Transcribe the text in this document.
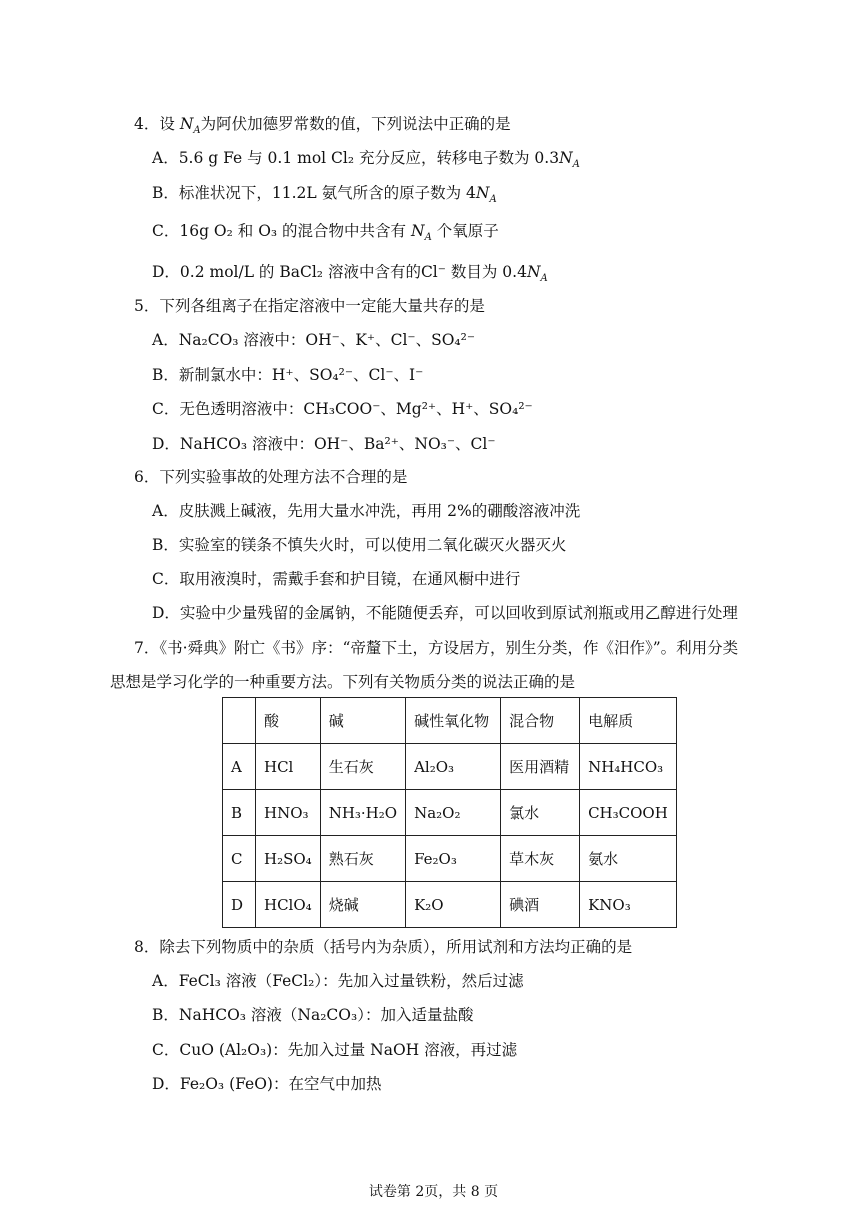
4．设 $N_A$为阿伏加德罗常数的值，下列说法中正确的是
A．5.6 g Fe 与 0.1 mol Cl₂ 充分反应，转移电子数为 $0.3N_A$
B．标准状况下，11.2L 氨气所含的原子数为 $4N_A$
C．16g O₂ 和 O₃ 的混合物中共含有 $N_A$ 个氧原子
D．0.2 mol/L 的 BaCl₂ 溶液中含有的Cl⁻ 数目为 $0.4N_A$
5．下列各组离子在指定溶液中一定能大量共存的是
A．Na₂CO₃ 溶液中：OH⁻、K⁺、Cl⁻、SO₄²⁻
B．新制氯水中：H⁺、SO₄²⁻、Cl⁻、I⁻
C．无色透明溶液中：CH₃COO⁻、Mg²⁺、H⁺、SO₄²⁻
D．NaHCO₃ 溶液中：OH⁻、Ba²⁺、NO₃⁻、Cl⁻
6．下列实验事故的处理方法不合理的是
A．皮肤溅上碱液，先用大量水冲洗，再用 2%的硼酸溶液冲洗
B．实验室的镁条不慎失火时，可以使用二氧化碳灭火器灭火
C．取用液溴时，需戴手套和护目镜，在通风橱中进行
D．实验中少量残留的金属钠，不能随便丢弃，可以回收到原试剂瓶或用乙醇进行处理
7．《书·舜典》附亡《书》序：“帝釐下土，方设居方，别生分类，作《汨作》”。利用分类
思想是学习化学的一种重要方法。下列有关物质分类的说法正确的是
	酸	碱	碱性氧化物	混合物	电解质
A	HCl	生石灰	Al₂O₃	医用酒精	NH₄HCO₃
B	HNO₃	NH₃·H₂O	Na₂O₂	氯水	CH₃COOH
C	H₂SO₄	熟石灰	Fe₂O₃	草木灰	氨水
D	HClO₄	烧碱	K₂O	碘酒	KNO₃
8．除去下列物质中的杂质（括号内为杂质），所用试剂和方法均正确的是
A．FeCl₃ 溶液（FeCl₂）：先加入过量铁粉，然后过滤
B．NaHCO₃ 溶液（Na₂CO₃）：加入适量盐酸
C．CuO (Al₂O₃)：先加入过量 NaOH 溶液，再过滤
D．Fe₂O₃ (FeO)：在空气中加热
试卷第 2页，共 8 页
